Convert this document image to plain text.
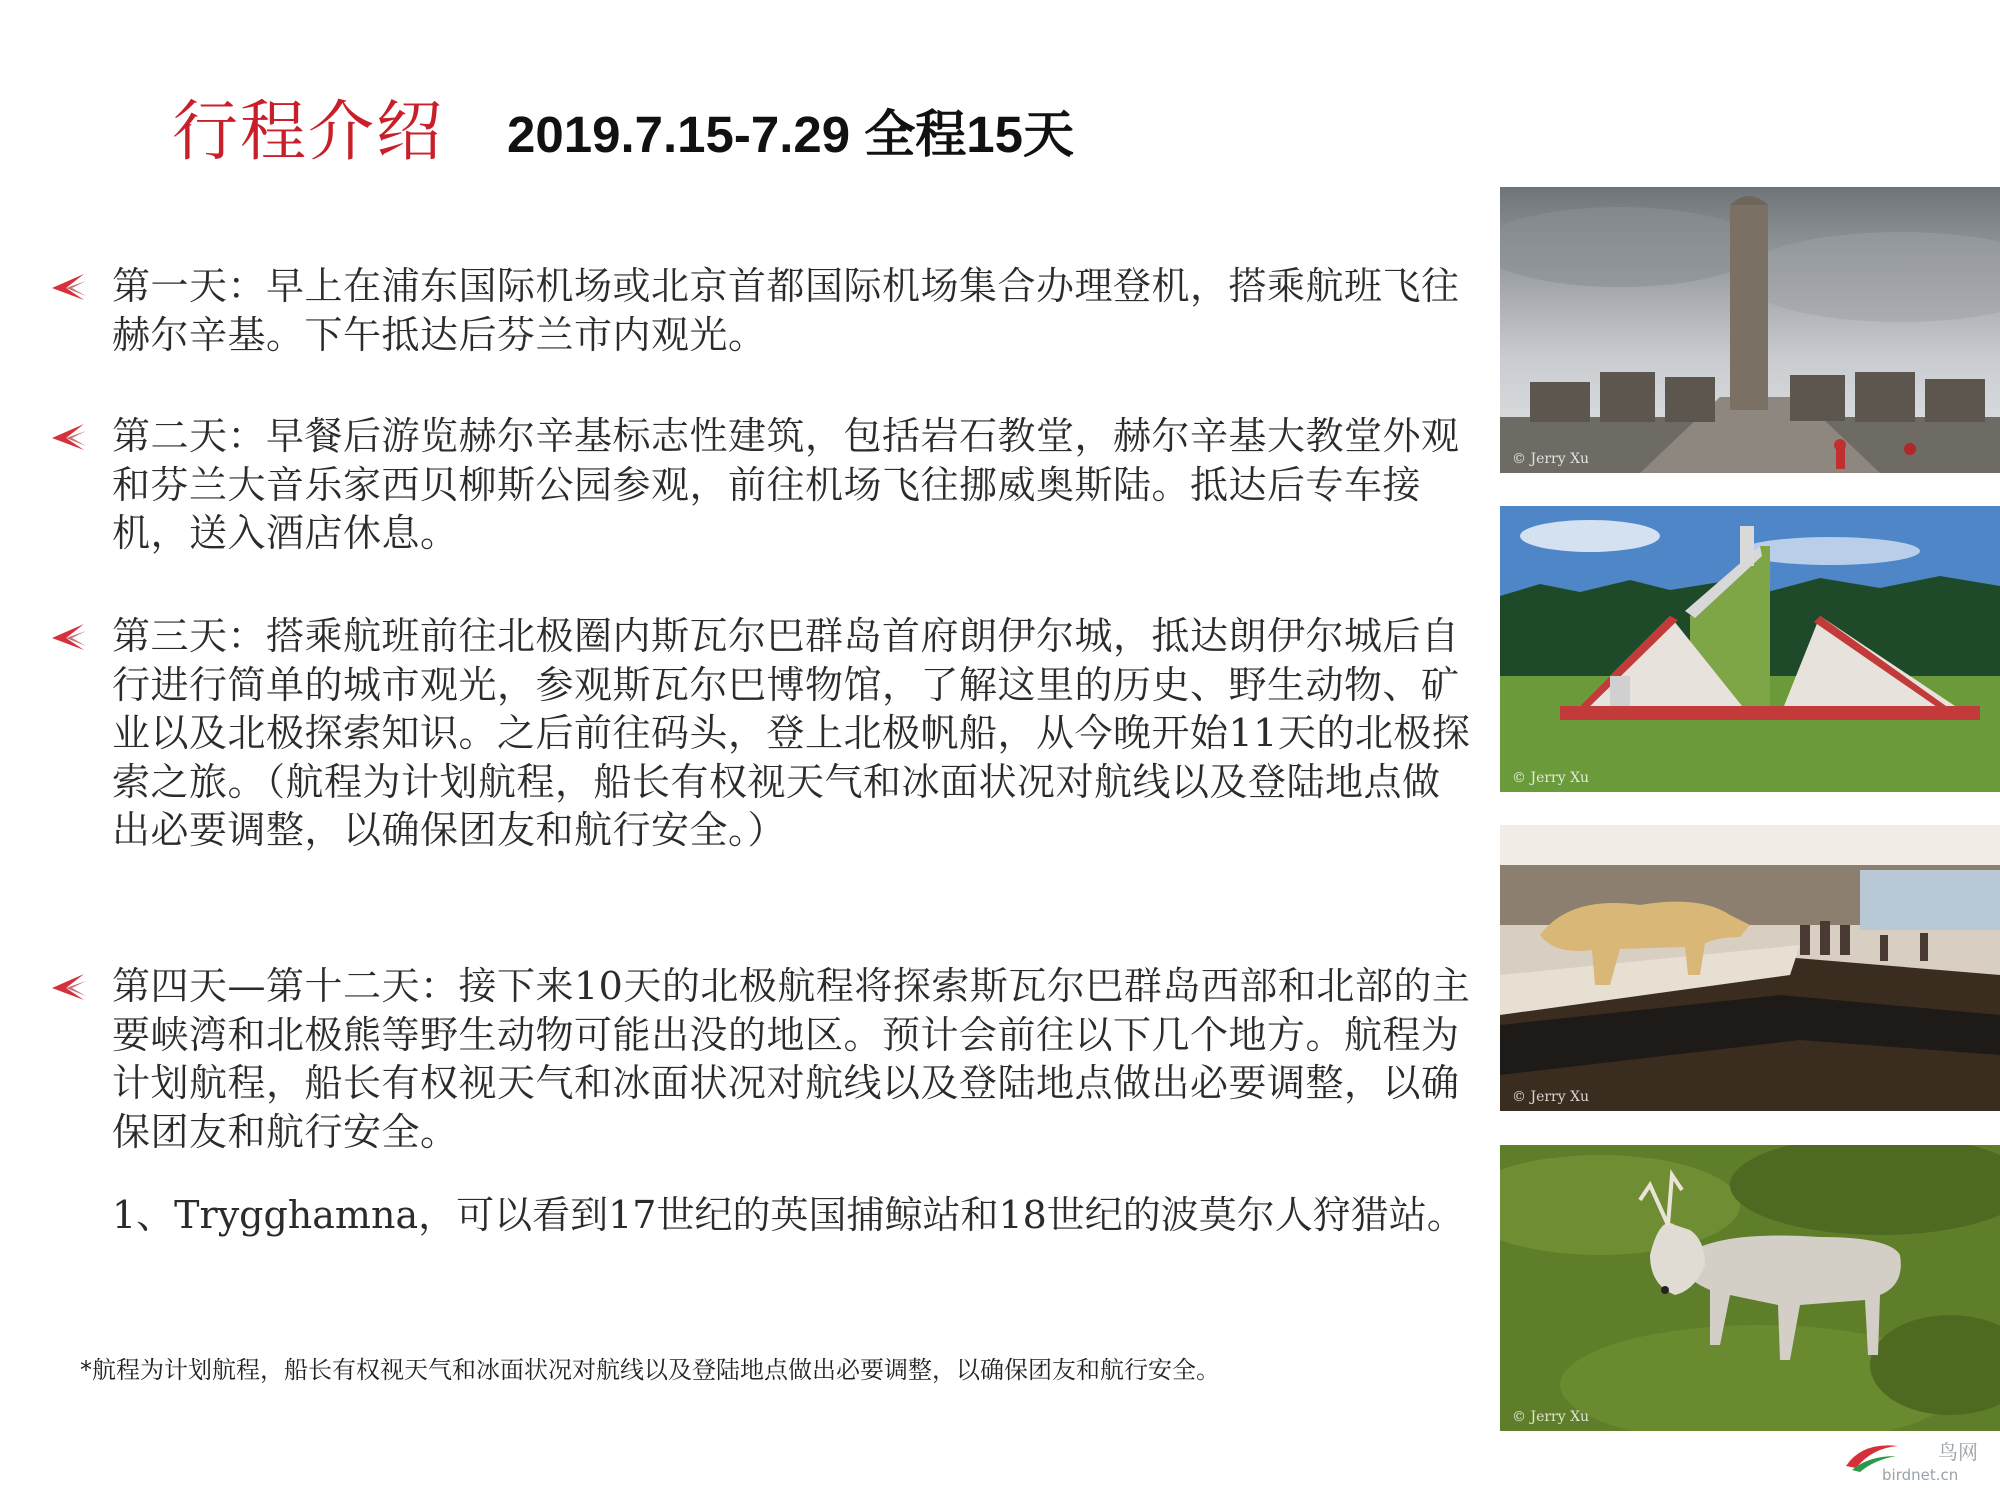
行程介绍 2019.7.15-7.29 全程15天

第一天：早上在浦东国际机场或北京首都国际机场集合办理登机，搭乘航班飞往赫尔辛基。下午抵达后芬兰市内观光。

第二天：早餐后游览赫尔辛基标志性建筑，包括岩石教堂，赫尔辛基大教堂外观和芬兰大音乐家西贝柳斯公园参观，前往机场飞往挪威奥斯陆。抵达后专车接机，送入酒店休息。

第三天：搭乘航班前往北极圈内斯瓦尔巴群岛首府朗伊尔城，抵达朗伊尔城后自行进行简单的城市观光，参观斯瓦尔巴博物馆，了解这里的历史、野生动物、矿业以及北极探索知识。之后前往码头，登上北极帆船，从今晚开始11天的北极探索之旅。（航程为计划航程，船长有权视天气和冰面状况对航线以及登陆地点做出必要调整，以确保团友和航行安全。）

第四天—第十二天：接下来10天的北极航程将探索斯瓦尔巴群岛西部和北部的主要峡湾和北极熊等野生动物可能出没的地区。预计会前往以下几个地方。航程为计划航程，船长有权视天气和冰面状况对航线以及登陆地点做出必要调整，以确保团友和航行安全。

1、Trygghamna，可以看到17世纪的英国捕鲸站和18世纪的波莫尔人狩猎站。

*航程为计划航程，船长有权视天气和冰面状况对航线以及登陆地点做出必要调整，以确保团友和航行安全。
© Jerry Xu
© Jerry Xu
© Jerry Xu
© Jerry Xu
鸟网
birdnet.cn
